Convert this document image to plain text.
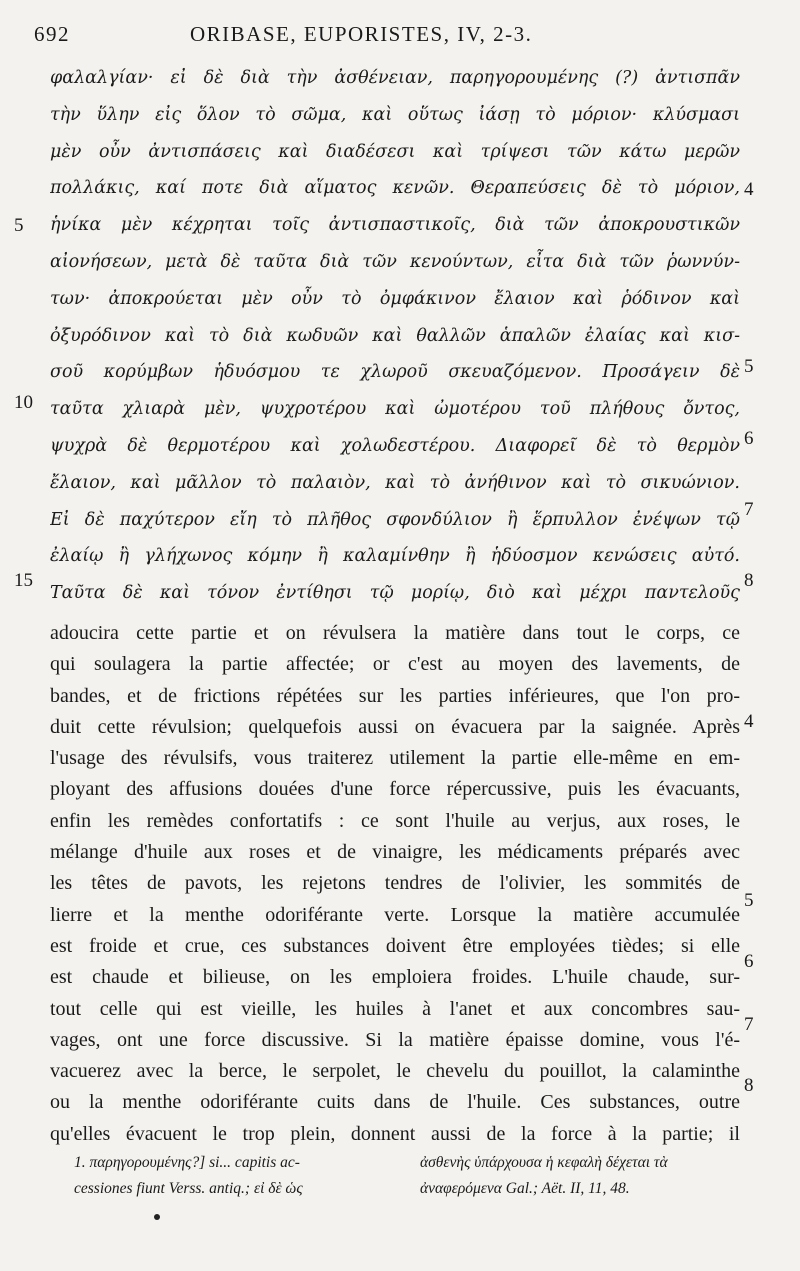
692	ORIBASE, EUPORISTES, IV, 2-3.
φαλαλγίαν· εἰ δὲ διὰ τὴν ἀσθένειαν, παρηγορουμένης (?) ἀντισπᾶν
τὴν ὕλην εἰς ὅλον τὸ σῶμα, καὶ οὕτως ἰάσῃ τὸ μόριον· κλύσμασι
μὲν οὖν ἀντισπάσεις καὶ διαδέσεσι καὶ τρίψεσι τῶν κάτω μερῶν
πολλάκις, καί ποτε διὰ αἵματος κενῶν. Θεραπεύσεις δὲ τὸ μόριον,
ἡνίκα μὲν κέχρηται τοῖς ἀντισπαστικοῖς, διὰ τῶν ἀποκρουστικῶν
αἰονήσεων, μετὰ δὲ ταῦτα διὰ τῶν κενούντων, εἶτα διὰ τῶν ῥωννύν-
των· ἀποκρούεται μὲν οὖν τὸ ὀμφάκινον ἔλαιον καὶ ῥόδινον καὶ
ὀξυρόδινον καὶ τὸ διὰ κωδυῶν καὶ θαλλῶν ἁπαλῶν ἐλαίας καὶ κισ-
σοῦ κορύμβων ἡδυόσμου τε χλωροῦ σκευαζόμενον. Προσάγειν δὲ
ταῦτα χλιαρὰ μὲν, ψυχροτέρου καὶ ὠμοτέρου τοῦ πλήθους ὄντος,
ψυχρὰ δὲ θερμοτέρου καὶ χολωδεστέρου. Διαφορεῖ δὲ τὸ θερμὸν
ἔλαιον, καὶ μᾶλλον τὸ παλαιὸν, καὶ τὸ ἀνήθινον καὶ τὸ σικυώνιον.
Εἰ δὲ παχύτερον εἴη τὸ πλῆθος σφονδύλιον ἢ ἕρπυλλον ἐνέψων τῷ
ἐλαίῳ ἢ γλήχωνος κόμην ἢ καλαμίνθην ἢ ἡδύοσμον κενώσεις αὐτό.
Ταῦτα δὲ καὶ τόνον ἐντίθησι τῷ μορίῳ, διὸ καὶ μέχρι παντελοῦς
5
10
15
4
5
6
7
8
adoucira cette partie et on révulsera la matière dans tout le corps, ce
qui soulagera la partie affectée; or c'est au moyen des lavements, de
bandes, et de frictions répétées sur les parties inférieures, que l'on pro-
duit cette révulsion; quelquefois aussi on évacuera par la saignée. Après
l'usage des révulsifs, vous traiterez utilement la partie elle-même en em-
ployant des affusions douées d'une force répercussive, puis les évacuants,
enfin les remèdes confortatifs : ce sont l'huile au verjus, aux roses, le
mélange d'huile aux roses et de vinaigre, les médicaments préparés avec
les têtes de pavots, les rejetons tendres de l'olivier, les sommités de
lierre et la menthe odoriférante verte. Lorsque la matière accumulée
est froide et crue, ces substances doivent être employées tièdes; si elle
est chaude et bilieuse, on les emploiera froides. L'huile chaude, sur-
tout celle qui est vieille, les huiles à l'anet et aux concombres sau-
vages, ont une force discussive. Si la matière épaisse domine, vous l'é-
vacuerez avec la berce, le serpolet, le chevelu du pouillot, la calaminthe
ou la menthe odoriférante cuits dans de l'huile. Ces substances, outre
qu'elles évacuent le trop plein, donnent aussi de la force à la partie; il
4
5
6
7
8
1. παρηγορουμένης?] si... capitis ac-
cessiones fiunt Verss. antiq.; εἰ δὲ ὡς
ἀσθενὴς ὑπάρχουσα ἡ κεφαλὴ δέχεται τὰ
ἀναφερόμενα Gal.; Aët. II, 11, 48.
